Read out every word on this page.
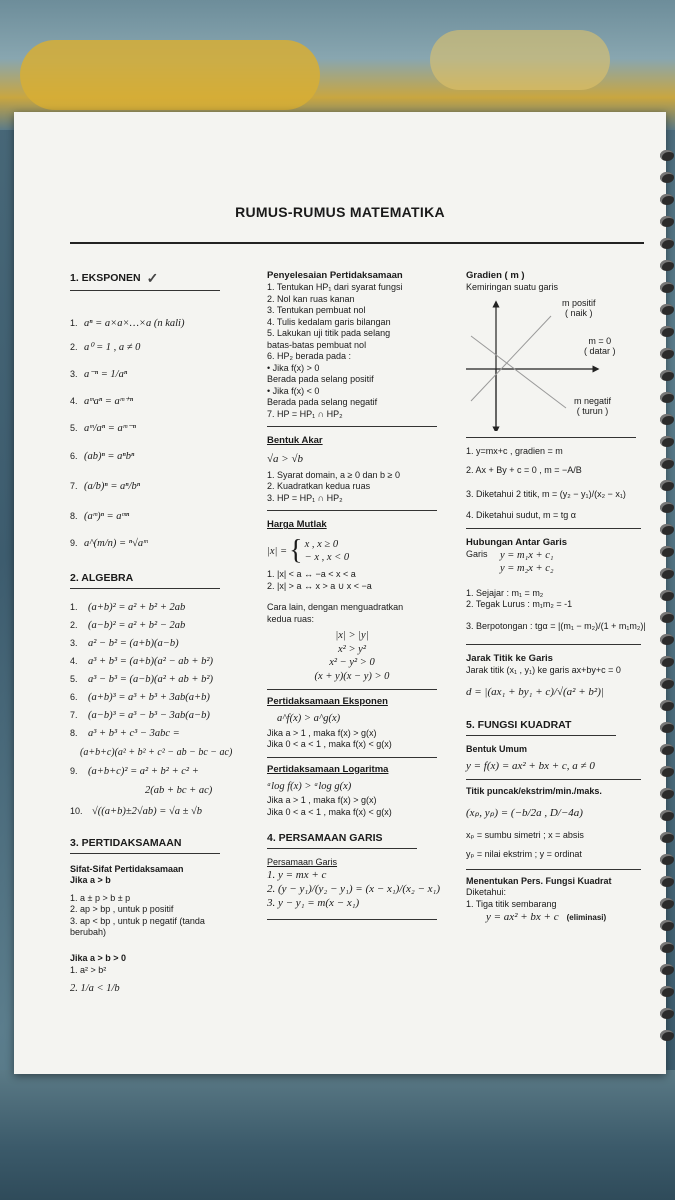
RUMUS-RUMUS MATEMATIKA
1. EKSPONEN ✓
1. aⁿ = a×a×…×a (n kali)
2. a⁰ = 1 , a ≠ 0
3. a⁻ⁿ = 1/aⁿ
4. aᵐaⁿ = aᵐ⁺ⁿ
5. aᵐ/aⁿ = aᵐ⁻ⁿ
6. (ab)ⁿ = aⁿbⁿ
7. (a/b)ⁿ = aⁿ/bⁿ
8. (aᵐ)ⁿ = aᵐⁿ
9. a^(m/n) = ⁿ√aᵐ
2. ALGEBRA
1. (a+b)² = a² + b² + 2ab
2. (a−b)² = a² + b² − 2ab
3. a² − b² = (a+b)(a−b)
4. a³ + b³ = (a+b)(a² − ab + b²)
5. a³ − b³ = (a−b)(a² + ab + b²)
6. (a+b)³ = a³ + b³ + 3ab(a+b)
7. (a−b)³ = a³ − b³ − 3ab(a−b)
8. a³ + b³ + c³ − 3abc =
(a+b+c)(a² + b² + c² − ab − bc − ac)
9. (a+b+c)² = a² + b² + c² +
2(ab + bc + ac)
10. √((a+b)±2√ab) = √a ± √b
3. PERTIDAKSAMAAN
Sifat-Sifat Pertidaksamaan
Jika a > b
1. a ± p > b ± p
2. ap > bp , untuk p positif
3. ap < bp , untuk p negatif (tanda
berubah)
Jika a > b > 0
1. a² > b²
2. 1/a < 1/b
Penyelesaian Pertidaksamaan
1. Tentukan HP₁ dari syarat fungsi
2. Nol kan ruas kanan
3. Tentukan pembuat nol
4. Tulis kedalam garis bilangan
5. Lakukan uji titik pada selang
batas-batas pembuat nol
6. HP₂ berada pada :
• Jika f(x) > 0
Berada pada selang positif
• Jika f(x) < 0
Berada pada selang negatif
7. HP = HP₁ ∩ HP₂
Bentuk Akar
√a > √b
1. Syarat domain, a ≥ 0 dan b ≥ 0
2. Kuadratkan kedua ruas
3. HP = HP₁ ∩ HP₂
Harga Mutlak
|x| = { x , x ≥ 0
− x , x < 0
1. |x| < a ↔ −a < x < a
2. |x| > a ↔ x > a ∪ x < −a
Cara lain, dengan menguadratkan kedua ruas:
|x| > |y|
x² > y²
x² − y² > 0
(x + y)(x − y) > 0
Pertidaksamaan Eksponen
a^f(x) > a^g(x)
Jika a > 1 , maka f(x) > g(x)
Jika 0 < a < 1 , maka f(x) < g(x)
Pertidaksamaan Logaritma
ᵃlog f(x) > ᵃlog g(x)
Jika a > 1 , maka f(x) > g(x)
Jika 0 < a < 1 , maka f(x) < g(x)
4. PERSAMAAN GARIS
Persamaan Garis
1. y = mx + c
2. (y − y₁)/(y₂ − y₁) = (x − x₁)/(x₂ − x₁)
3. y − y₁ = m(x − x₁)
Gradien ( m )
Kemiringan suatu garis
m positif
( naik )
m = 0
( datar )
m negatif
( turun )
1. y=mx+c , gradien = m
2. Ax + By + c = 0 , m = −A/B
3. Diketahui 2 titik, m = (y₂ − y₁)/(x₂ − x₁)
4. Diketahui sudut, m = tg α
Hubungan Antar Garis
Garis	y = m₁x + c₁
y = m₂x + c₂
1. Sejajar : m₁ = m₂
2. Tegak Lurus : m₁m₂ = -1
3. Berpotongan : tgα = |(m₁ − m₂)/(1 + m₁m₂)|
Jarak Titik ke Garis
Jarak titik (x₁ , y₁) ke garis ax+by+c = 0
d = |(ax₁ + by₁ + c)/√(a² + b²)|
5. FUNGSI KUADRAT
Bentuk Umum
y = f(x) = ax² + bx + c, a ≠ 0
Titik puncak/ekstrim/min./maks.
(xₚ, yₚ) = (−b/2a , D/−4a)
xₚ = sumbu simetri ; x = absis
yₚ = nilai ekstrim ; y = ordinat
Menentukan Pers. Fungsi Kuadrat
Diketahui:
1. Tiga titik sembarang
y = ax² + bx + c (eliminasi)
